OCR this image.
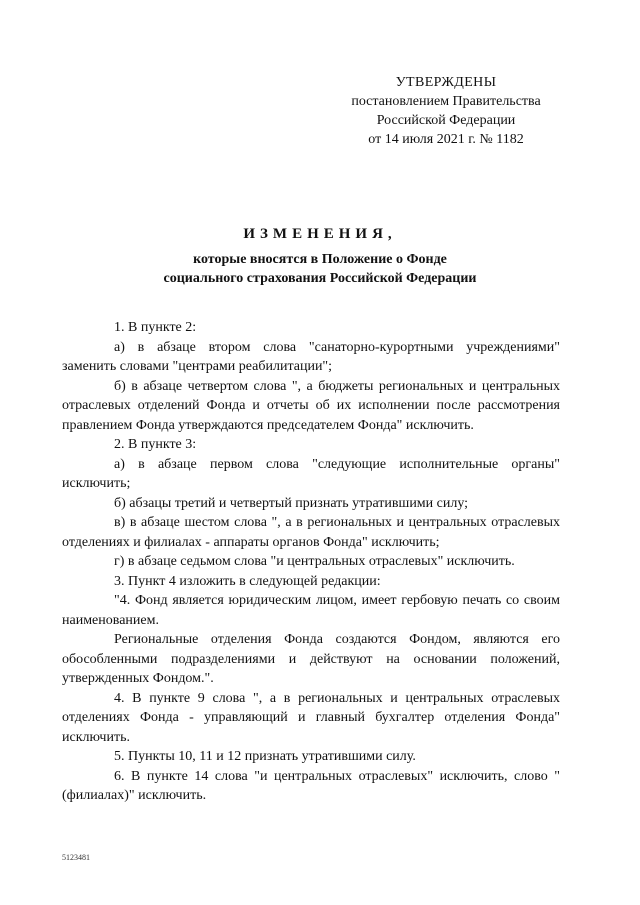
УТВЕРЖДЕНЫ
постановлением Правительства
Российской Федерации
от 14 июля 2021 г. № 1182
ИЗМЕНЕНИЯ,
которые вносятся в Положение о Фонде
социального страхования Российской Федерации

1. В пункте 2:

а) в абзаце втором слова "санаторно-курортными учреждениями" заменить словами "центрами реабилитации";

б) в абзаце четвертом слова ", а бюджеты региональных и центральных отраслевых отделений Фонда и отчеты об их исполнении после рассмотрения правлением Фонда утверждаются председателем Фонда" исключить.

2. В пункте 3:

а) в абзаце первом слова "следующие исполнительные органы" исключить;

б) абзацы третий и четвертый признать утратившими силу;

в) в абзаце шестом слова ", а в региональных и центральных отраслевых отделениях и филиалах - аппараты органов Фонда" исключить;

г) в абзаце седьмом слова "и центральных отраслевых" исключить.

3. Пункт 4 изложить в следующей редакции:

"4. Фонд является юридическим лицом, имеет гербовую печать со своим наименованием.

Региональные отделения Фонда создаются Фондом, являются его обособленными подразделениями и действуют на основании положений, утвержденных Фондом.".

4. В пункте 9 слова ", а в региональных и центральных отраслевых отделениях Фонда - управляющий и главный бухгалтер отделения Фонда" исключить.

5. Пункты 10, 11 и 12 признать утратившими силу.

6. В пункте 14 слова "и центральных отраслевых" исключить, слово "(филиалах)" исключить.

5123481
